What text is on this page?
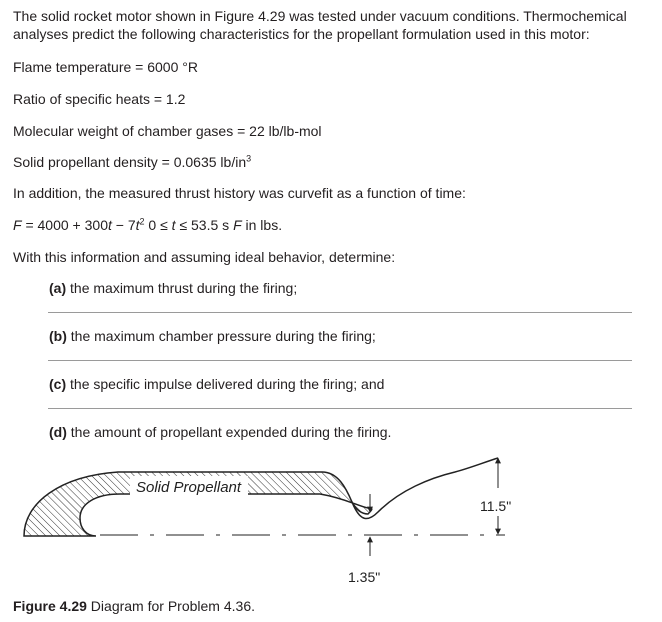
The solid rocket motor shown in Figure 4.29 was tested under vacuum conditions. Thermochemical analyses predict the following characteristics for the propellant formulation used in this motor:
Flame temperature = 6000 °R
Ratio of specific heats = 1.2
Molecular weight of chamber gases = 22 lb/lb-mol
Solid propellant density = 0.0635 $lb/in^3$
In addition, the measured thrust history was curvefit as a function of time:
$F = 4000 + 300t - 7t^2$ 0 ≤ t ≤ 53.5 s F in lbs.
With this information and assuming ideal behavior, determine:
(a) the maximum thrust during the firing;
(b) the maximum chamber pressure during the firing;
(c) the specific impulse delivered during the firing; and
(d) the amount of propellant expended during the firing.
Solid Propellant
1.35"
11.5"
Figure 4.29 Diagram for Problem 4.36.
